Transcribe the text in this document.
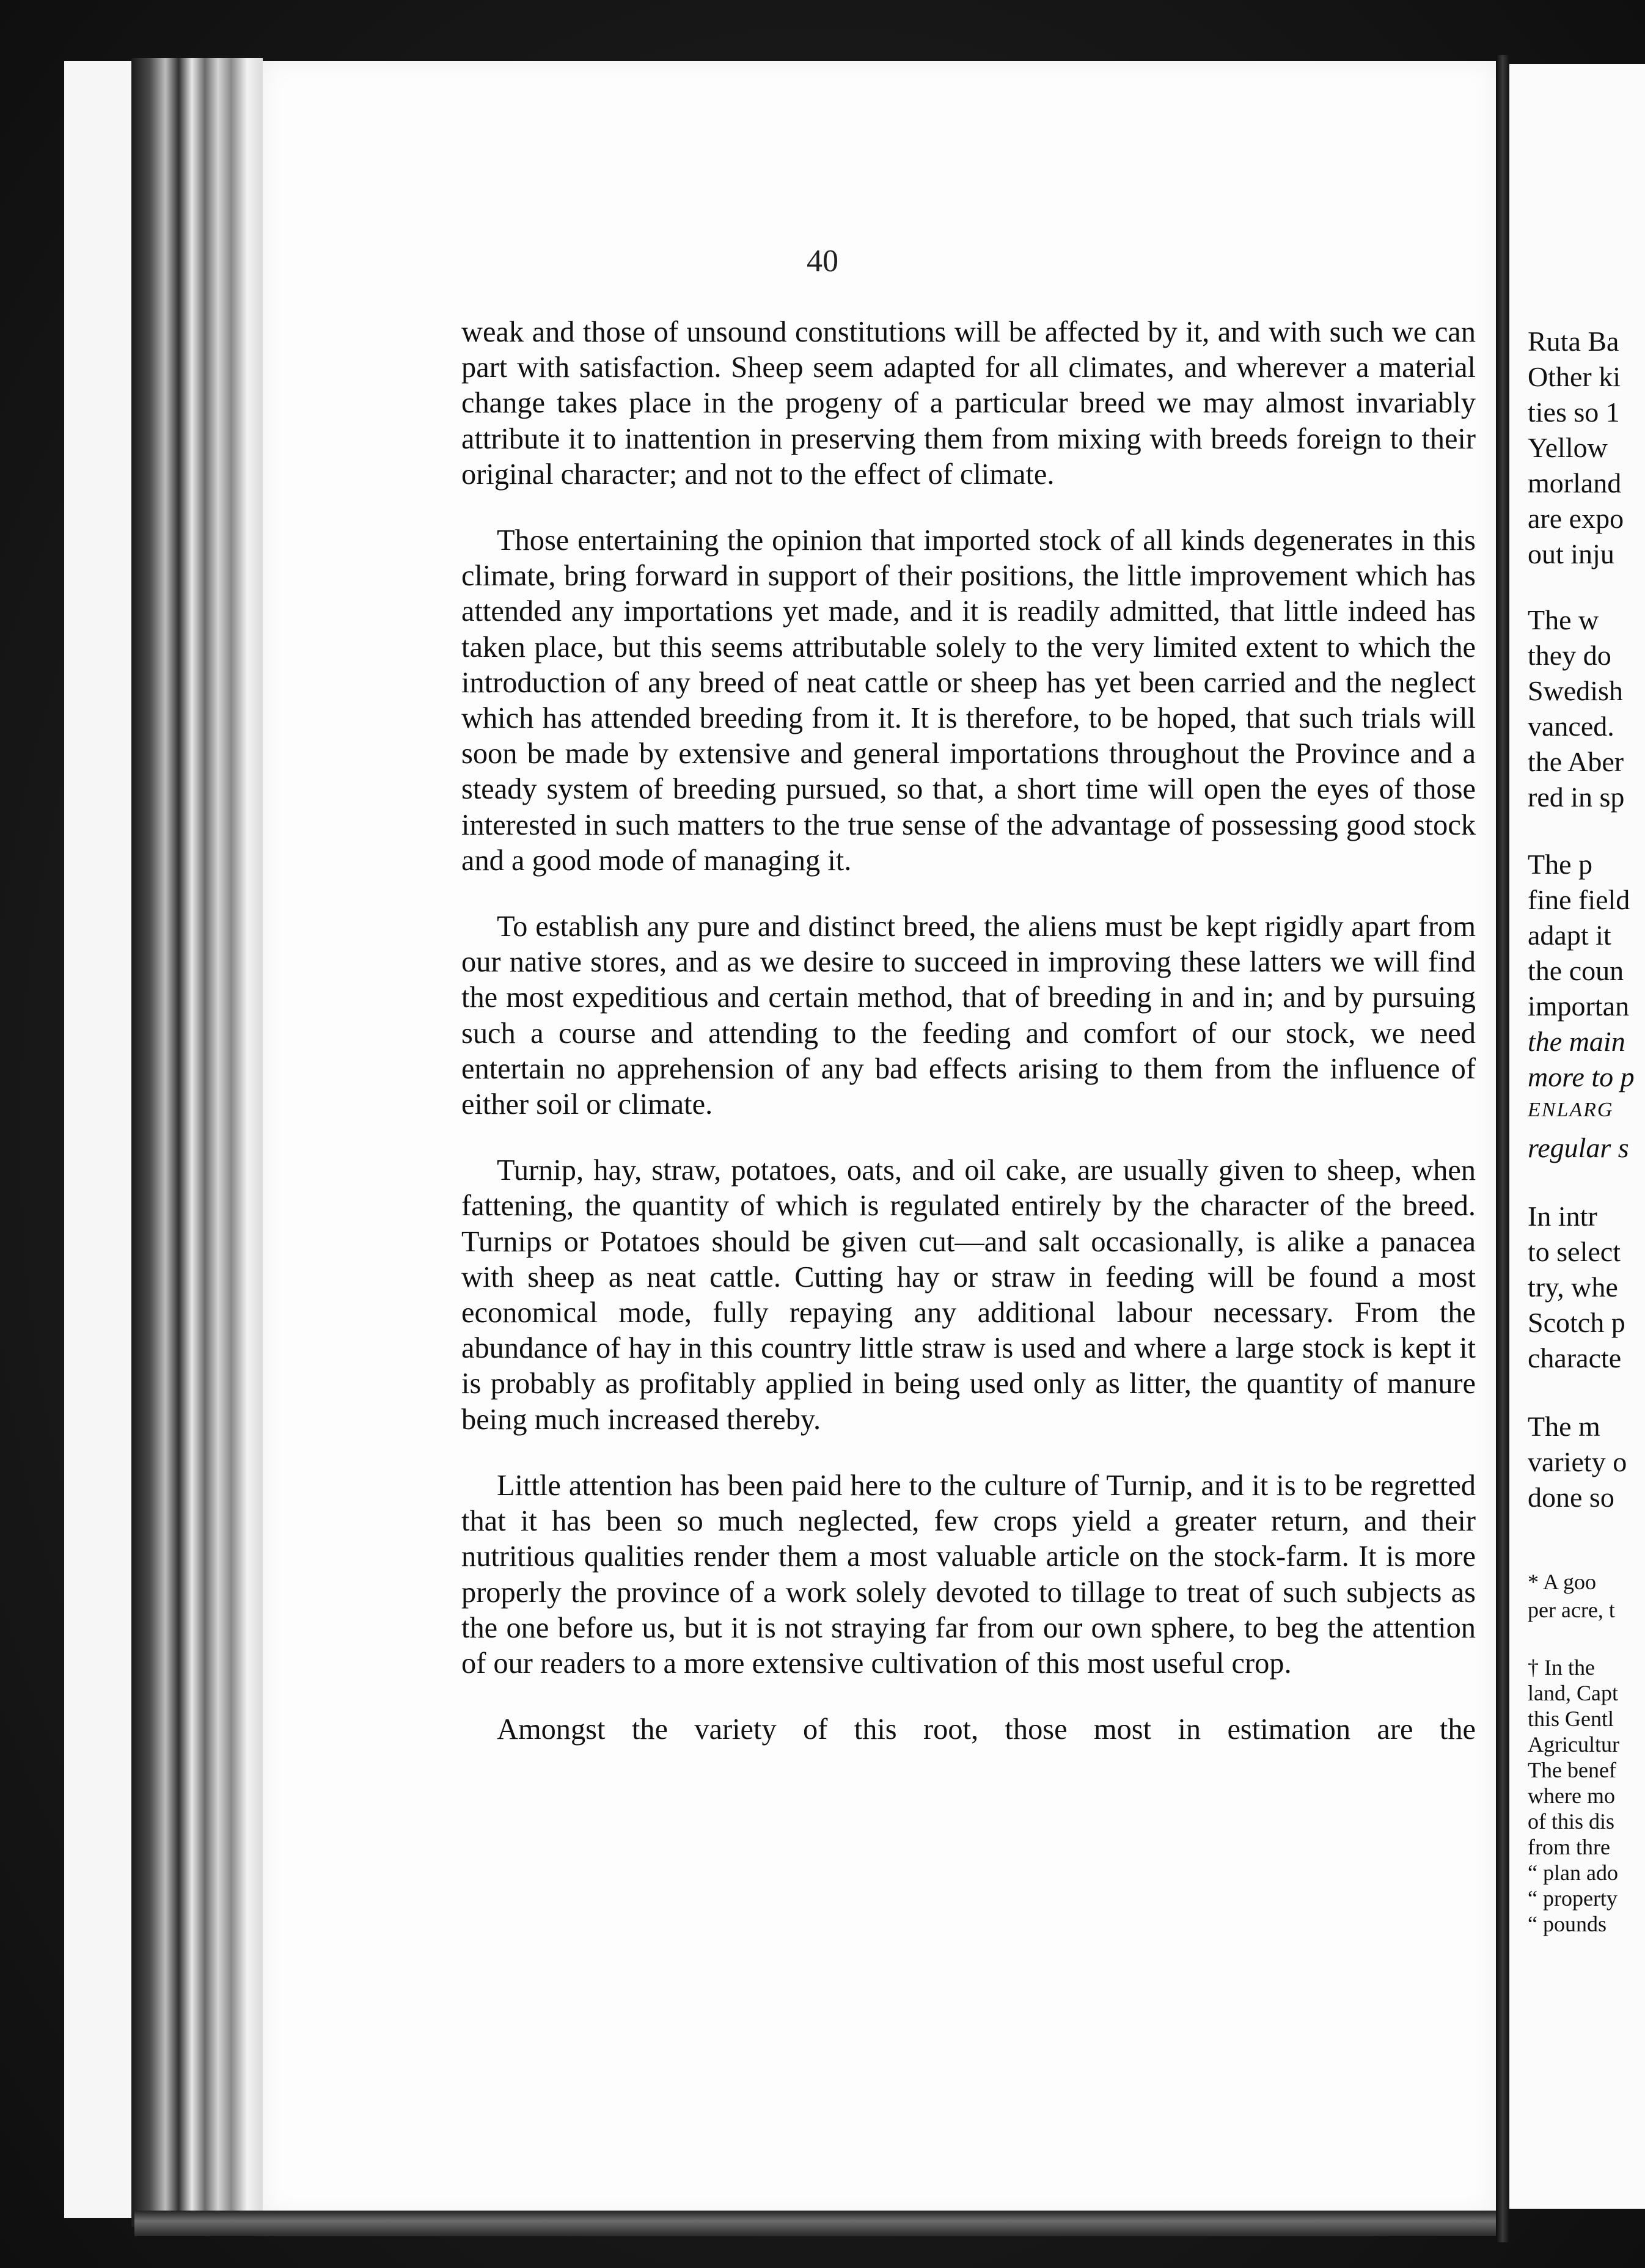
40

weak and those of unsound constitutions will be affected by it, and with such we can part with satisfaction. Sheep seem adapted for all climates, and wherever a material change takes place in the progeny of a particular breed we may almost invariably attribute it to inattention in preserving them from mixing with breeds foreign to their original character; and not to the effect of climate.

Those entertaining the opinion that imported stock of all kinds degenerates in this climate, bring forward in support of their positions, the little improvement which has attended any importations yet made, and it is readily admitted, that little indeed has taken place, but this seems attributable solely to the very limited extent to which the introduction of any breed of neat cattle or sheep has yet been carried and the neglect which has attended breeding from it. It is therefore, to be hoped, that such trials will soon be made by extensive and general importations throughout the Province and a steady system of breeding pursued, so that, a short time will open the eyes of those interested in such matters to the true sense of the advantage of possessing good stock and a good mode of managing it.

To establish any pure and distinct breed, the aliens must be kept rigidly apart from our native stores, and as we desire to succeed in improving these latters we will find the most expeditious and certain method, that of breeding in and in; and by pursuing such a course and attending to the feeding and comfort of our stock, we need entertain no apprehension of any bad effects arising to them from the influence of either soil or climate.

Turnip, hay, straw, potatoes, oats, and oil cake, are usually given to sheep, when fattening, the quantity of which is regulated entirely by the character of the breed. Turnips or Potatoes should be given cut—and salt occasionally, is alike a panacea with sheep as neat cattle. Cutting hay or straw in feeding will be found a most economical mode, fully repaying any additional labour necessary. From the abundance of hay in this country little straw is used and where a large stock is kept it is probably as profitably applied in being used only as litter, the quantity of manure being much increased thereby.

Little attention has been paid here to the culture of Turnip, and it is to be regretted that it has been so much neglected, few crops yield a greater return, and their nutritious qualities render them a most valuable article on the stock-farm. It is more properly the province of a work solely devoted to tillage to treat of such subjects as the one before us, but it is not straying far from our own sphere, to beg the attention of our readers to a more extensive cultivation of this most useful crop.

Amongst the variety of this root, those most in estimation are the

Ruta Ba
Other ki
ties so 1
Yellow
morland
are expo
out inju
The w
they do
Swedish
vanced.
the Aber
red in sp
The p
fine field
adapt it
the coun
importan
the main
more to p
ENLARG
regular s
In intr
to select
try, whe
Scotch p
characte
The m
variety o
done so
* A goo
per acre, t
† In the
land, Capt
this Gentl
Agricultur
The benef
where mo
of this dis
from thre
“ plan ado
“ property
“ pounds
